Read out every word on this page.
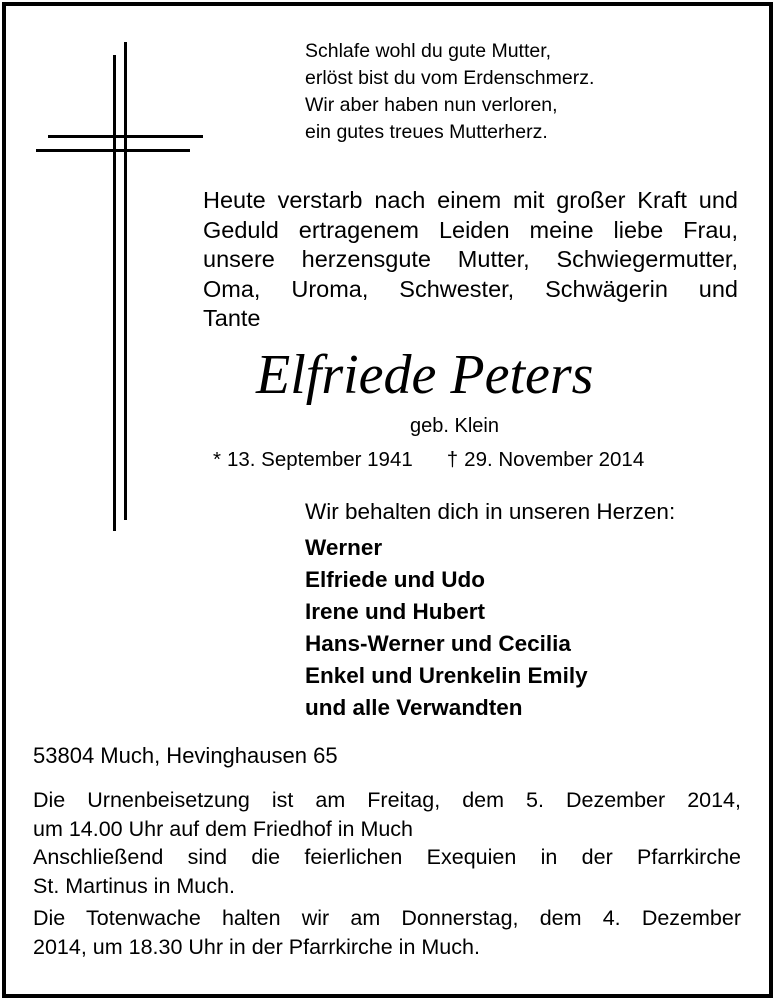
Schlafe wohl du gute Mutter,
erlöst bist du vom Erdenschmerz.
Wir aber haben nun verloren,
ein gutes treues Mutterherz.
Heute verstarb nach einem mit großer Kraft und
Geduld ertragenem Leiden meine liebe Frau,
unsere herzensgute Mutter, Schwiegermutter,
Oma, Uroma, Schwester, Schwägerin und
Tante
Elfriede Peters
geb. Klein
* 13. September 1941 † 29. November 2014
Wir behalten dich in unseren Herzen:
Werner
Elfriede und Udo
Irene und Hubert
Hans-Werner und Cecilia
Enkel und Urenkelin Emily
und alle Verwandten
53804 Much, Hevinghausen 65
Die Urnenbeisetzung ist am Freitag, dem 5. Dezember 2014,
um 14.00 Uhr auf dem Friedhof in Much
Anschließend sind die feierlichen Exequien in der Pfarrkirche
St. Martinus in Much.
Die Totenwache halten wir am Donnerstag, dem 4. Dezember
2014, um 18.30 Uhr in der Pfarrkirche in Much.
